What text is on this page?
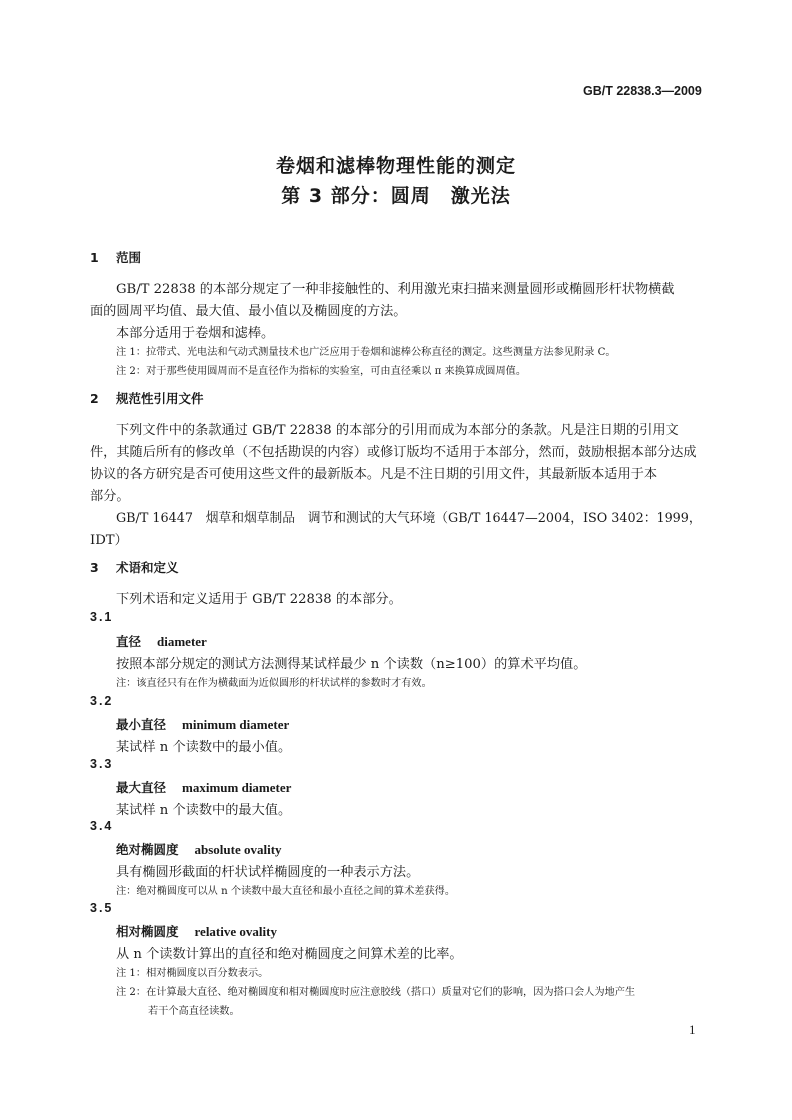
GB/T 22838.3—2009
卷烟和滤棒物理性能的测定
第 3 部分：圆周　激光法
1 范围
GB/T 22838 的本部分规定了一种非接触性的、利用激光束扫描来测量圆形或椭圆形杆状物横截
面的圆周平均值、最大值、最小值以及椭圆度的方法。
本部分适用于卷烟和滤棒。
注 1：拉带式、光电法和气动式测量技术也广泛应用于卷烟和滤棒公称直径的测定。这些测量方法参见附录 C。
注 2：对于那些使用圆周而不是直径作为指标的实验室，可由直径乘以 π 来换算成圆周值。
2 规范性引用文件
下列文件中的条款通过 GB/T 22838 的本部分的引用而成为本部分的条款。凡是注日期的引用文
件，其随后所有的修改单（不包括勘误的内容）或修订版均不适用于本部分，然而，鼓励根据本部分达成
协议的各方研究是否可使用这些文件的最新版本。凡是不注日期的引用文件，其最新版本适用于本
部分。
GB/T 16447　烟草和烟草制品　调节和测试的大气环境（GB/T 16447—2004，ISO 3402：1999，
IDT）
3 术语和定义
下列术语和定义适用于 GB/T 22838 的本部分。
3.1
直径 diameter
按照本部分规定的测试方法测得某试样最少 n 个读数（n≥100）的算术平均值。
注：该直径只有在作为横截面为近似圆形的杆状试样的参数时才有效。
3.2
最小直径 minimum diameter
某试样 n 个读数中的最小值。
3.3
最大直径 maximum diameter
某试样 n 个读数中的最大值。
3.4
绝对椭圆度 absolute ovality
具有椭圆形截面的杆状试样椭圆度的一种表示方法。
注：绝对椭圆度可以从 n 个读数中最大直径和最小直径之间的算术差获得。
3.5
相对椭圆度 relative ovality
从 n 个读数计算出的直径和绝对椭圆度之间算术差的比率。
注 1：相对椭圆度以百分数表示。
注 2：在计算最大直径、绝对椭圆度和相对椭圆度时应注意胶线（搭口）质量对它们的影响，因为搭口会人为地产生
若干个高直径读数。
1
